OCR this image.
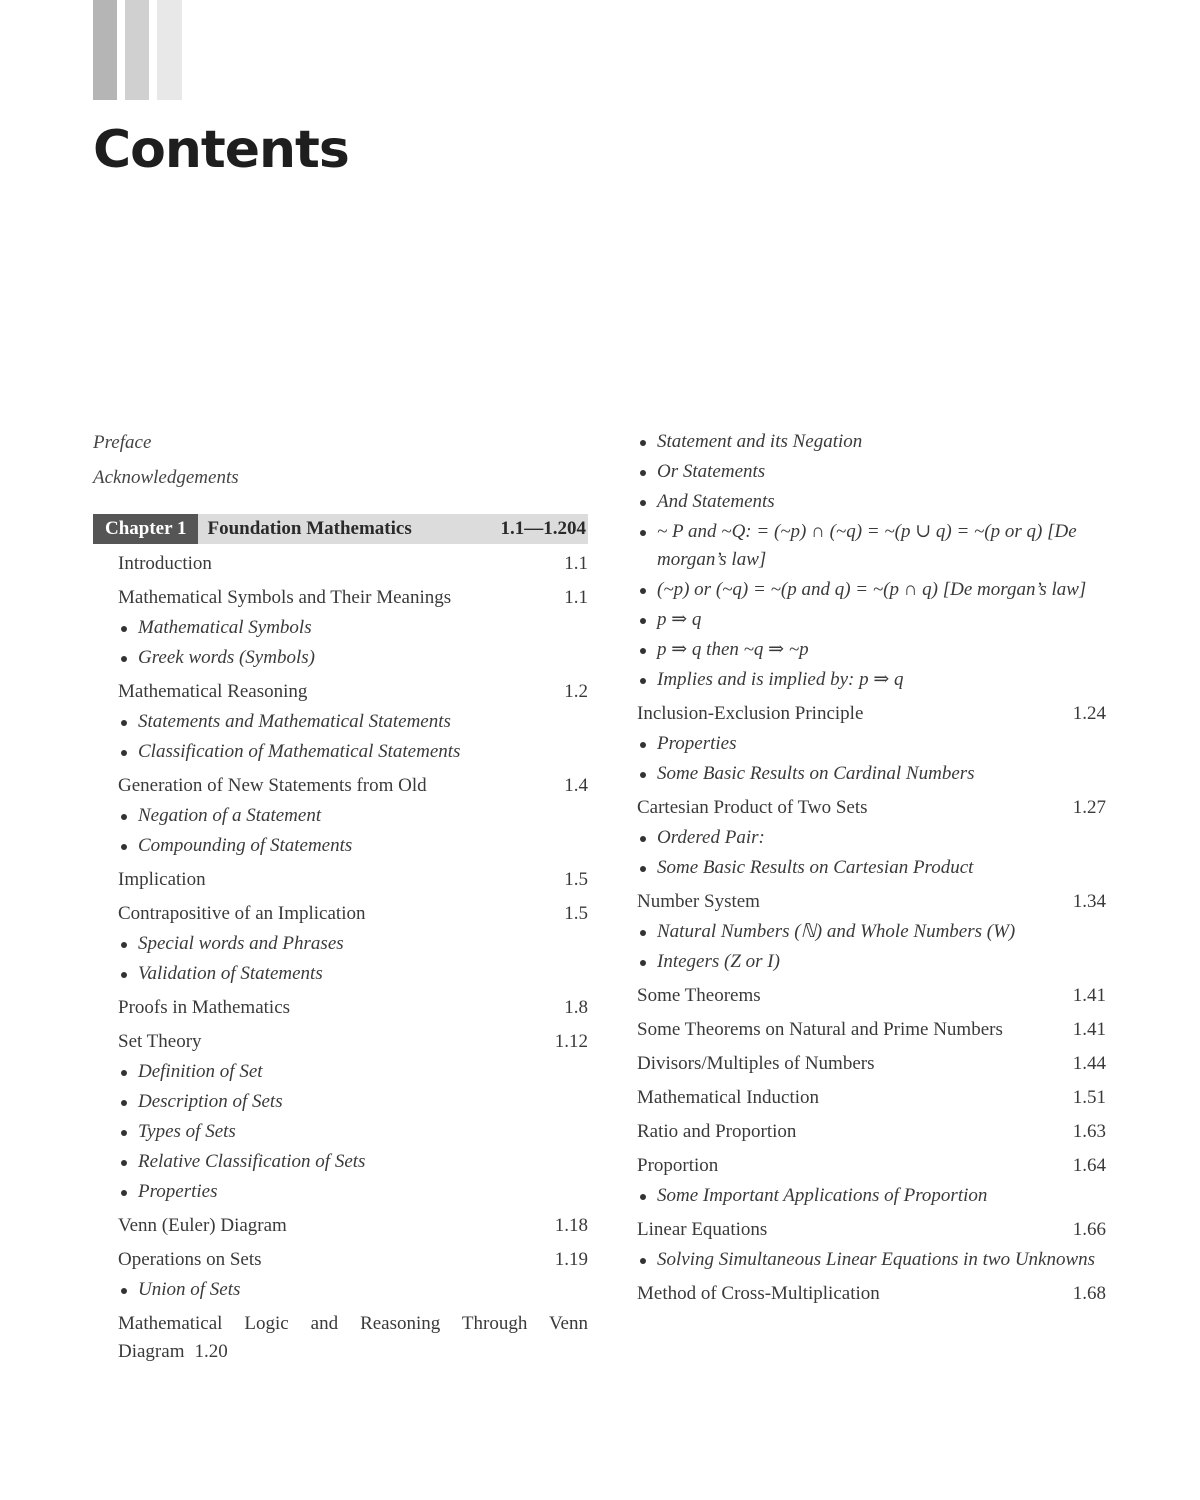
Contents
Preface
Acknowledgements
Chapter 1	Foundation Mathematics	1.1—1.204
Introduction	1.1
Mathematical Symbols and Their Meanings	1.1
Mathematical Symbols
Greek words (Symbols)
Mathematical Reasoning	1.2
Statements and Mathematical Statements
Classification of Mathematical Statements
Generation of New Statements from Old	1.4
Negation of a Statement
Compounding of Statements
Implication	1.5
Contrapositive of an Implication	1.5
Special words and Phrases
Validation of Statements
Proofs in Mathematics	1.8
Set Theory	1.12
Definition of Set
Description of Sets
Types of Sets
Relative Classification of Sets
Properties
Venn (Euler) Diagram	1.18
Operations on Sets	1.19
Union of Sets
Mathematical Logic and Reasoning Through Venn
Diagram 1.20
Statement and its Negation
Or Statements
And Statements
~ P and ~Q: = (~p) ∩ (~q) = ~(p ∪ q) = ~(p or q) [De morgan’s law]
(~p) or (~q) = ~(p and q) = ~(p ∩ q) [De morgan’s law]
p ⇒ q
p ⇒ q then ~q ⇒ ~p
Implies and is implied by: p ⇒ q
Inclusion-Exclusion Principle	1.24
Properties
Some Basic Results on Cardinal Numbers
Cartesian Product of Two Sets	1.27
Ordered Pair:
Some Basic Results on Cartesian Product
Number System	1.34
Natural Numbers (ℕ) and Whole Numbers (W)
Integers (Z or I)
Some Theorems	1.41
Some Theorems on Natural and Prime Numbers	1.41
Divisors/Multiples of Numbers	1.44
Mathematical Induction	1.51
Ratio and Proportion	1.63
Proportion	1.64
Some Important Applications of Proportion
Linear Equations	1.66
Solving Simultaneous Linear Equations in two Unknowns
Method of Cross-Multiplication	1.68
